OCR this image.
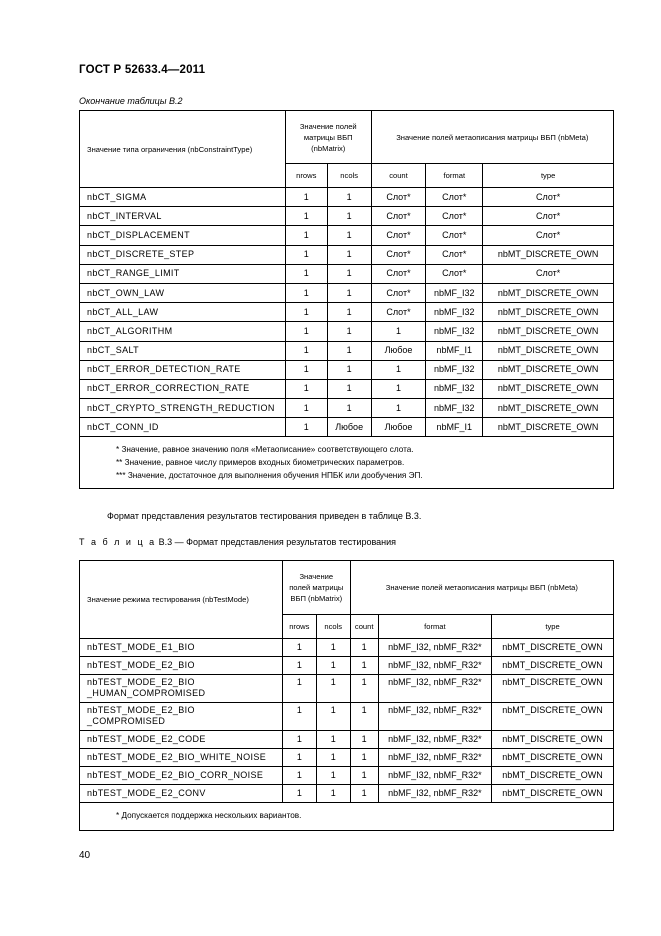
ГОСТ Р 52633.4—2011
Окончание таблицы В.2
Значение типа ограничения (nbConstraintType)	Значение полей матрицы ВБП (nbMatrix)		Значение полей метаописания матрицы ВБП (nbMeta)		
	nrows	ncols	count	format	type
nbCT_SIGMA	1	1	Слот*	Слот*	Слот*
nbCT_INTERVAL	1	1	Слот*	Слот*	Слот*
nbCT_DISPLACEMENT	1	1	Слот*	Слот*	Слот*
nbCT_DISCRETE_STEP	1	1	Слот*	Слот*	nbMT_DISCRETE_OWN
nbCT_RANGE_LIMIT	1	1	Слот*	Слот*	Слот*
nbCT_OWN_LAW	1	1	Слот*	nbMF_I32	nbMT_DISCRETE_OWN
nbCT_ALL_LAW	1	1	Слот*	nbMF_I32	nbMT_DISCRETE_OWN
nbCT_ALGORITHM	1	1	1	nbMF_I32	nbMT_DISCRETE_OWN
nbCT_SALT	1	1	Любое	nbMF_I1	nbMT_DISCRETE_OWN
nbCT_ERROR_DETECTION_RATE	1	1	1	nbMF_I32	nbMT_DISCRETE_OWN
nbCT_ERROR_CORRECTION_RATE	1	1	1	nbMF_I32	nbMT_DISCRETE_OWN
nbCT_CRYPTO_STRENGTH_REDUCTION	1	1	1	nbMF_I32	nbMT_DISCRETE_OWN
nbCT_CONN_ID	1	Любое	Любое	nbMF_I1	nbMT_DISCRETE_OWN

* Значение, равное значению поля «Метаописание» соответствующего слота.
** Значение, равное числу примеров входных биометрических параметров.
*** Значение, достаточное для выполнения обучения НПБК или дообучения ЭП.					
Формат представления результатов тестирования приведен в таблице В.3.
Т а б л и ц а В.3 — Формат представления результатов тестирования
Значение режима тестирования (nbTestMode)	Значение полей матрицы ВБП (nbMatrix)		Значение полей метаописания матрицы ВБП (nbMeta)		
	nrows	ncols	count	format	type
nbTEST_MODE_E1_BIO	1	1	1	nbMF_I32, nbMF_R32*	nbMT_DISCRETE_OWN
nbTEST_MODE_E2_BIO	1	1	1	nbMF_I32, nbMF_R32*	nbMT_DISCRETE_OWN
nbTEST_MODE_E2_BIO
_HUMAN_COMPROMISED	1	1	1	nbMF_I32, nbMF_R32*	nbMT_DISCRETE_OWN
nbTEST_MODE_E2_BIO
_COMPROMISED	1	1	1	nbMF_I32, nbMF_R32*	nbMT_DISCRETE_OWN
nbTEST_MODE_E2_CODE	1	1	1	nbMF_I32, nbMF_R32*	nbMT_DISCRETE_OWN
nbTEST_MODE_E2_BIO_WHITE_NOISE	1	1	1	nbMF_I32, nbMF_R32*	nbMT_DISCRETE_OWN
nbTEST_MODE_E2_BIO_CORR_NOISE	1	1	1	nbMF_I32, nbMF_R32*	nbMT_DISCRETE_OWN
nbTEST_MODE_E2_CONV	1	1	1	nbMF_I32, nbMF_R32*	nbMT_DISCRETE_OWN

* Допускается поддержка нескольких вариантов.					
40
